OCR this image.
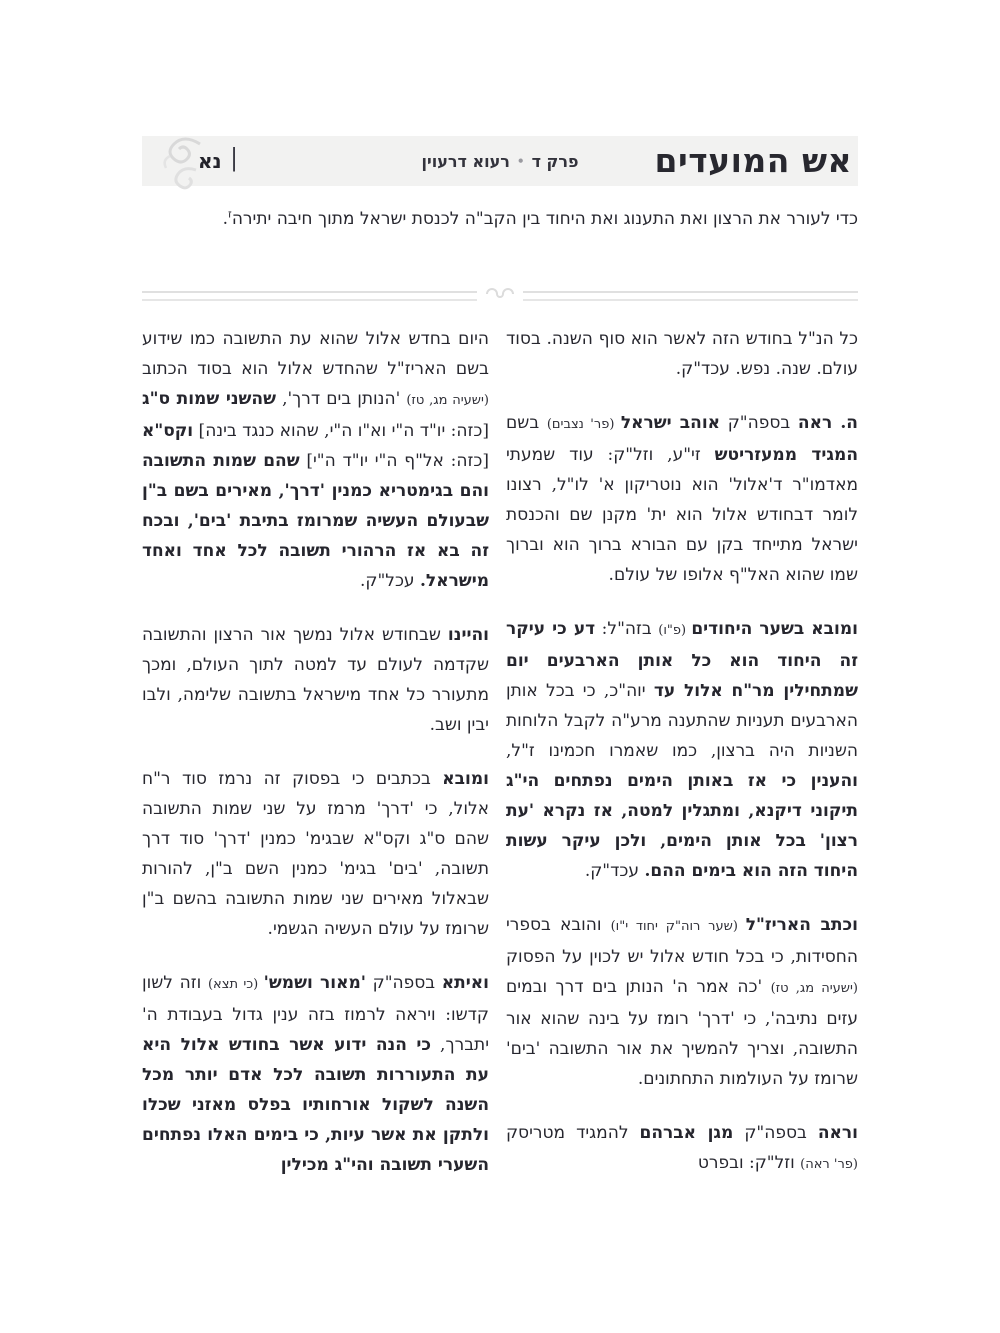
נא |	פרק ד•רעוא דרעוין	אש המועדים

כדי לעורר את הרצון ואת התענוג ואת היחוד בין הקב"ה לכנסת ישראל מתוך חיבה יתירה$^ז$.

כל הנ"ל בחודש הזה לאשר הוא סוף השנה. בסוד עולם. שנה. נפש. עכד"ק.

ה. ראה בספה"ק אוהב ישראל (פר' נצבים) בשם המגיד ממעזריטש זי"ע, וזל"ק: עוד שמעתי מאדמו"ר ד'אלול' הוא נוטריקון א' לו"ל, רצונו לומר דבחודש אלול הוא ית' מקנן שם והכנסת ישראל מתייחד בקן עם הבורא ברוך הוא וברוך שמו שהוא האל"ף אלופו של עולם.

ומובא בשער היחודים (פ"ו) בזה"ל: דע כי עיקר זה היחוד הוא כל אותן הארבעים יום שמתחילין מר"ח אלול עד יוה"כ, כי בכל אותן הארבעים תעניות שהתענה מרע"ה לקבל הלוחות השניות היה ברצון, כמו שאמרו חכמינו ז"ל, והענין כי אז באותן הימים נפתחים הי"ג תיקוני דיקנא, ומתגלין למטה, אז נקרא 'עת רצון' בכל אותן הימים, ולכן עיקר עשות היחוד הזה הוא בימים ההם. עכד"ק.

וכתב האריז"ל (שער רוה"ק יחוד י"ו) והובא בספרי החסידות, כי בכל חודש אלול יש לכוין על הפסוק (ישעיה מג, טז) 'כה אמר ה' הנותן בים דרך ובמים עזים נתיבה', כי 'דרך' רומז על בינה שהוא אור התשובה, וצריך להמשיך את אור התשובה 'בים' שרומז על העולמות התחתונים.

וראה בספה"ק מגן אברהם להמגיד מטריסק (פר' ראה) וזל"ק: ובפרט

היום בחדש אלול שהוא עת התשובה כמו שידוע בשם האריז"ל שהחדש אלול הוא בסוד הכתוב (ישעיה מג, טז) 'הנותן בים דרך', שהשני שמות ס"ג [כזה: יו"ד ה"י וא"ו ה"י, שהוא כנגד בינה] וקס"א [כזה: אל"ף ה"י יו"ד ה"י] שהם שמות התשובה והם בגימטריא כמנין 'דרך', מאירים בשם ב"ן שבעולם העשיה שמרומז בתיבת 'בים', ובכח זה בא אז הרהורי תשובה לכל אחד ואחד מישראל. עכל"ק.

והיינו שבחודש אלול נמשך אור הרצון והתשובה שקדמה לעולם עד למטה לתוך העולם, ומכך מתעורר כל אחד מישראל בתשובה שלימה, ולבו יבין ושב.

ומובא בכתבים כי בפסוק זה נרמז סוד ר"ח אלול, כי 'דרך' מרמז על שני שמות התשובה שהם ס"ג וקס"א שבגימ' כמנין 'דרך' סוד דרך תשובה, 'בים' בגימ' כמנין השם ב"ן, להורות שבאלול מאירים שני שמות התשובה בהשם ב"ן שרומז על עולם העשיה הגשמי.

ואיתא בספה"ק 'מאור ושמש' (כי תצא) וזה לשון קדשו: ויראה לרמוז בזה ענין גדול בעבודת ה' יתברך, כי הנה ידוע אשר בחודש אלול היא עת התעוררות תשובה לכל אדם יותר מכל השנה לשקול אורחותיו בפלס מאזני שכלו ולתקן את אשר עיות, כי בימים האלו נפתחים השערי תשובה והי"ג מכילין
